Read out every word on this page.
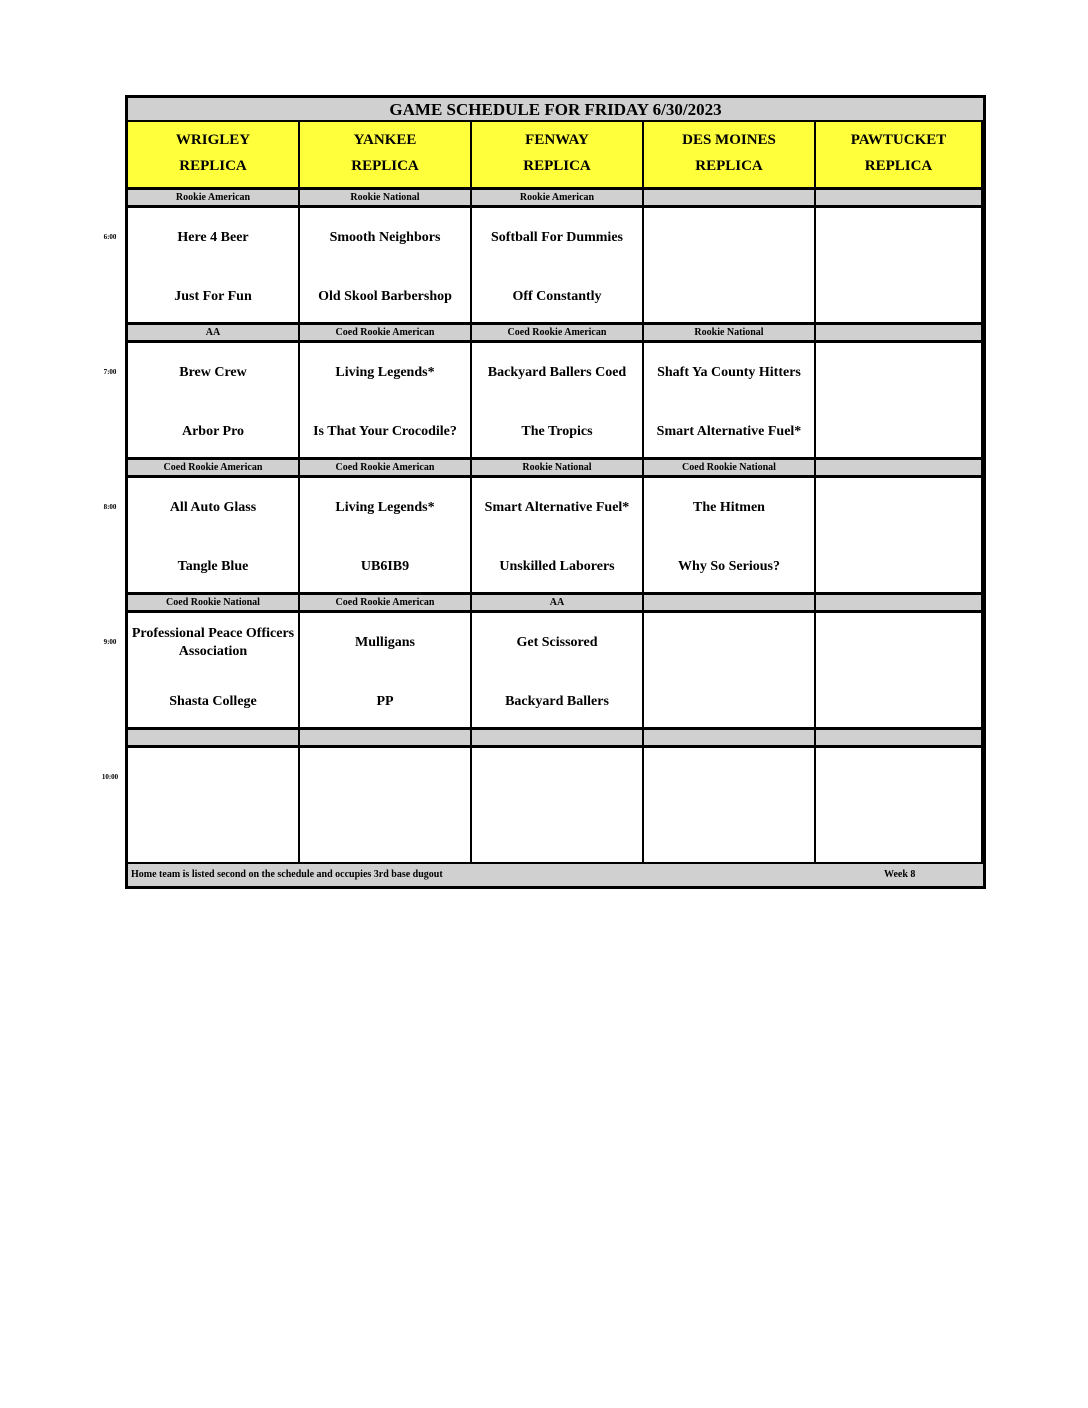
GAME SCHEDULE FOR FRIDAY 6/30/2023
WRIGLEY
REPLICA
YANKEE
REPLICA
FENWAY
REPLICA
DES MOINES
REPLICA
PAWTUCKET
REPLICA
Rookie American
Here 4 Beer
Just For Fun
Rookie National
Smooth Neighbors
Old Skool Barbershop
Rookie American
Softball For Dummies
Off Constantly
AA
Brew Crew
Arbor Pro
Coed Rookie American
Living Legends*
Is That Your Crocodile?
Coed Rookie American
Backyard Ballers Coed
The Tropics
Rookie National
Shaft Ya County Hitters
Smart Alternative Fuel*
Coed Rookie American
All Auto Glass
Tangle Blue
Coed Rookie American
Living Legends*
UB6IB9
Rookie National
Smart Alternative Fuel*
Unskilled Laborers
Coed Rookie National
The Hitmen
Why So Serious?
Coed Rookie National
Professional Peace Officers Association
Shasta College
Coed Rookie American
Mulligans
PP
AA
Get Scissored
Backyard Ballers
Home team is listed second on the schedule and occupies 3rd base dugout	Week 8
6:00
7:00
8:00
9:00
10:00
